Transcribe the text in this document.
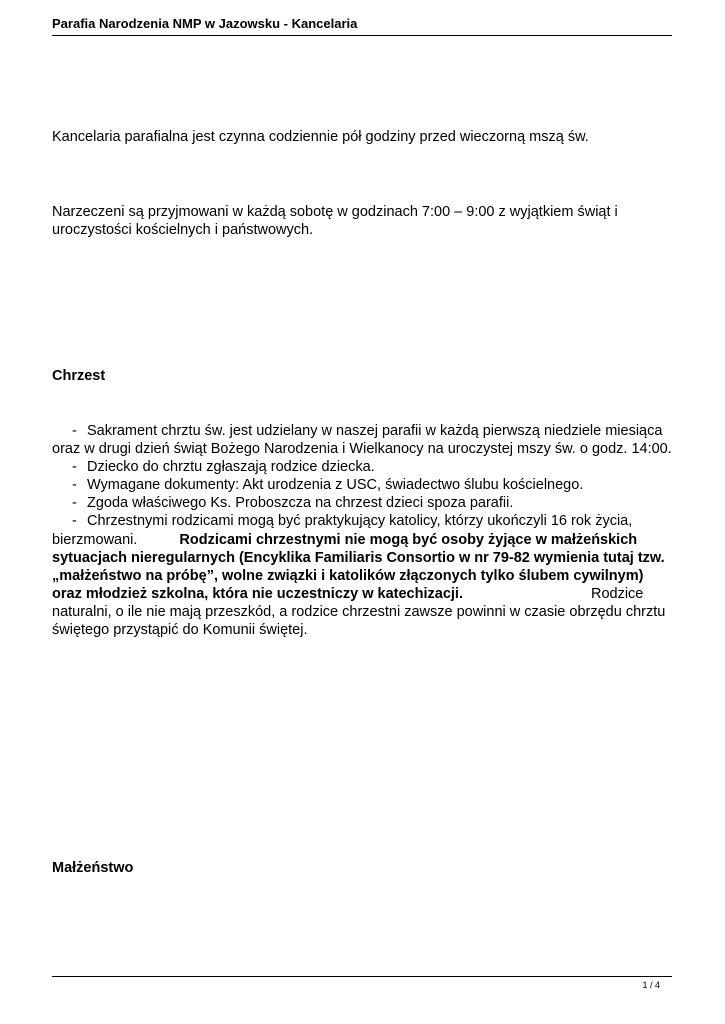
Parafia Narodzenia NMP w Jazowsku - Kancelaria

Kancelaria parafialna jest czynna codziennie pół godziny przed wieczorną mszą św.

Narzeczeni są przyjmowani w każdą sobotę w godzinach 7:00 – 9:00 z wyjątkiem świąt i uroczystości kościelnych i państwowych.

Chrzest

- Sakrament chrztu św. jest udzielany w naszej parafii w każdą pierwszą niedziele miesiąca oraz w drugi dzień świąt Bożego Narodzenia i Wielkanocy na uroczystej mszy św. o godz. 14:00.

- Dziecko do chrztu zgłaszają rodzice dziecka.

- Wymagane dokumenty: Akt urodzenia z USC, świadectwo ślubu kościelnego.

- Zgoda właściwego Ks. Proboszcza na chrzest dzieci spoza parafii.

- Chrzestnymi rodzicami mogą być praktykujący katolicy, którzy ukończyli 16 rok życia, bierzmowani.	Rodzicami chrzestnymi nie mogą być osoby żyjące w małżeńskich sytuacjach nieregularnych (Encyklika Familiaris Consortio w nr 79-82 wymienia tutaj tzw. „małżeństwo na próbę”, wolne związki i katolików złączonych tylko ślubem cywilnym) oraz młodzież szkolna, która nie uczestniczy w katechizacji.	Rodzice naturalni, o ile nie mają przeszkód, a rodzice chrzestni zawsze powinni w czasie obrzędu chrztu świętego przystąpić do Komunii świętej.

Małżeństwo
1 / 4
